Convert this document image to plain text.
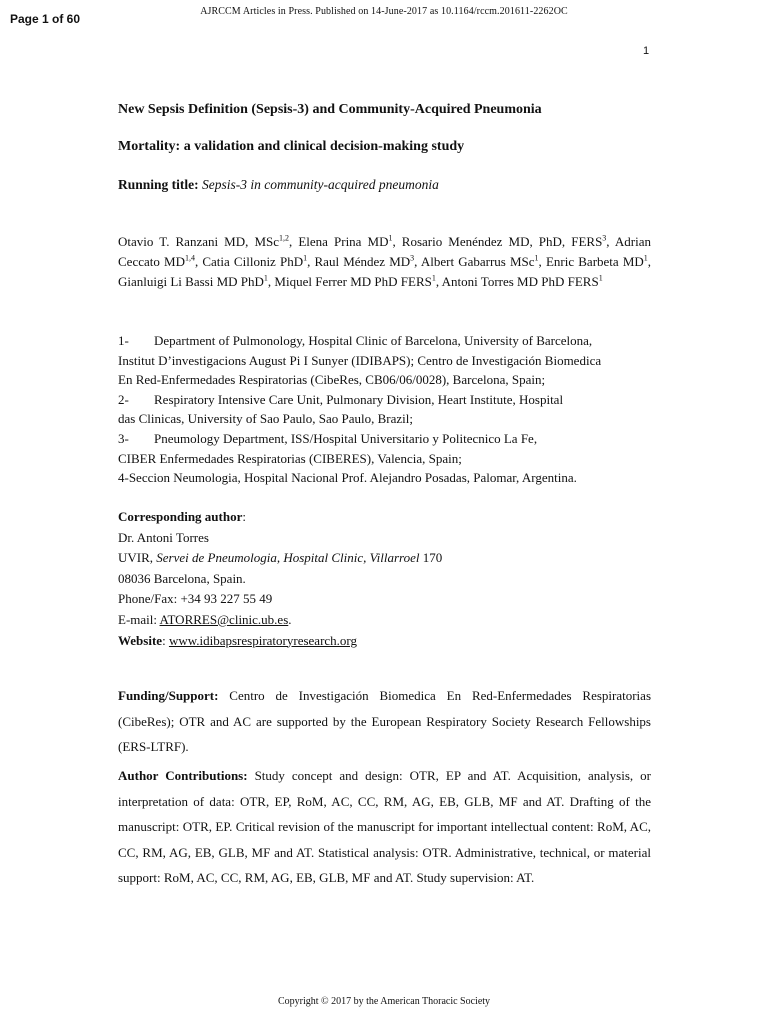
Page 1 of 60
AJRCCM Articles in Press. Published on 14-June-2017 as 10.1164/rccm.201611-2262OC
1
New Sepsis Definition (Sepsis-3) and Community-Acquired Pneumonia
Mortality: a validation and clinical decision-making study
Running title: Sepsis-3 in community-acquired pneumonia
Otavio T. Ranzani MD, MSc$^{1,2}$, Elena Prina $MD^1$, Rosario Menéndez MD, PhD, FERS$^3$, Adrian Ceccato MD$^{1,4}$, Catia Cilloniz PhD$^1$, Raul Méndez $MD^3$, Albert Gabarrus MSc$^1$, Enric Barbeta $MD^1$, Gianluigi Li Bassi MD PhD$^1$, Miquel Ferrer MD PhD FERS$^1$, Antoni Torres MD PhD FERS$^1$
1- Department of Pulmonology, Hospital Clinic of Barcelona, University of Barcelona,
Institut D’investigacions August Pi I Sunyer (IDIBAPS); Centro de Investigación Biomedica
En Red-Enfermedades Respiratorias (CibeRes, CB06/06/0028), Barcelona, Spain;
2- Respiratory Intensive Care Unit, Pulmonary Division, Heart Institute, Hospital
das Clinicas, University of Sao Paulo, Sao Paulo, Brazil;
3- Pneumology Department, ISS/Hospital Universitario y Politecnico La Fe,
CIBER Enfermedades Respiratorias (CIBERES), Valencia, Spain;
4-Seccion Neumologia, Hospital Nacional Prof. Alejandro Posadas, Palomar, Argentina.
Corresponding author:
Dr. Antoni Torres
UVIR, Servei de Pneumologia, Hospital Clinic, Villarroel 170
08036 Barcelona, Spain.
Phone/Fax: +34 93 227 55 49
E-mail: ATORRES@clinic.ub.es.
Website: www.idibapsrespiratoryresearch.org

Funding/Support: Centro de Investigación Biomedica En Red-Enfermedades Respiratorias (CibeRes); OTR and AC are supported by the European Respiratory Society Research Fellowships (ERS-LTRF).

Author Contributions: Study concept and design: OTR, EP and AT. Acquisition, analysis, or interpretation of data: OTR, EP, RoM, AC, CC, RM, AG, EB, GLB, MF and AT. Drafting of the manuscript: OTR, EP. Critical revision of the manuscript for important intellectual content: RoM, AC, CC, RM, AG, EB, GLB, MF and AT. Statistical analysis: OTR. Administrative, technical, or material support: RoM, AC, CC, RM, AG, EB, GLB, MF and AT. Study supervision: AT.

Copyright © 2017 by the American Thoracic Society
